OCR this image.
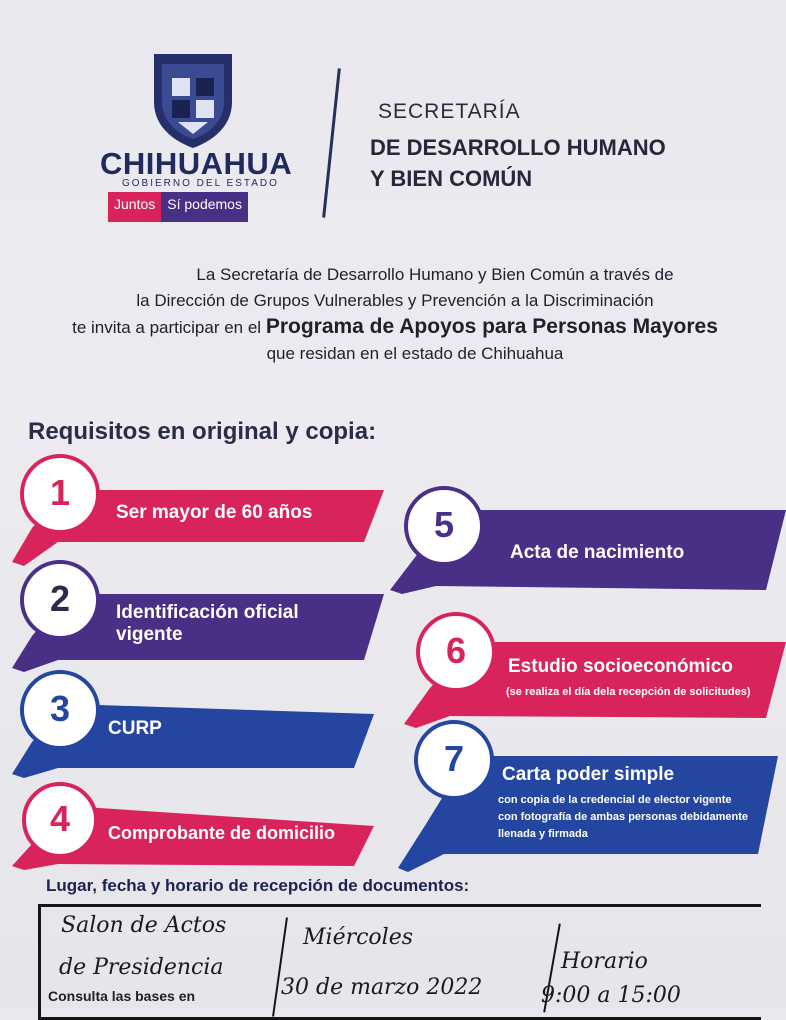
CHIHUAHUA
GOBIERNO DEL ESTADO
Juntos Sí podemos
SECRETARÍA
DE DESARROLLO HUMANO
Y BIEN COMÚN
La Secretaría de Desarrollo Humano y Bien Común a través de
la Dirección de Grupos Vulnerables y Prevención a la Discriminación
te invita a participar en el Programa de Apoyos para Personas Mayores
que residan en el estado de Chihuahua
Requisitos en original y copia:
1	Ser mayor de 60 años
2	Identificación oficial
vigente
3	CURP
4	Comprobante de domicilio
5
Acta de nacimiento
6	Estudio socioeconómico
(se realiza el día dela recepción de solicitudes)
7	Carta poder simple
con copia de la credencial de elector vigente
con fotografía de ambas personas debidamente
llenada y firmada
Lugar, fecha y horario de recepción de documentos:
Salon de Actos
de Presidencia
Miércoles
30 de marzo 2022
Horario
9:00 a 15:00
Consulta las bases en
